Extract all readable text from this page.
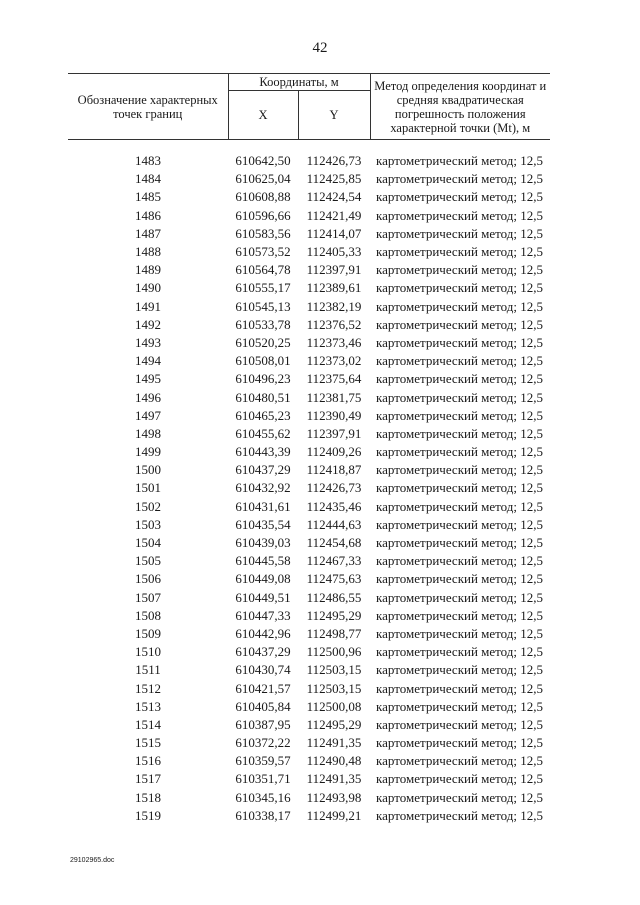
42
Обозначение характерных точек границ	Координаты, м		Метод определения координат и средняя квадратическая погрешность положения характерной точки (Mt), м
	X	Y	

1483	610642,50	112426,73	картометрический метод; 12,5
1484	610625,04	112425,85	картометрический метод; 12,5
1485	610608,88	112424,54	картометрический метод; 12,5
1486	610596,66	112421,49	картометрический метод; 12,5
1487	610583,56	112414,07	картометрический метод; 12,5
1488	610573,52	112405,33	картометрический метод; 12,5
1489	610564,78	112397,91	картометрический метод; 12,5
1490	610555,17	112389,61	картометрический метод; 12,5
1491	610545,13	112382,19	картометрический метод; 12,5
1492	610533,78	112376,52	картометрический метод; 12,5
1493	610520,25	112373,46	картометрический метод; 12,5
1494	610508,01	112373,02	картометрический метод; 12,5
1495	610496,23	112375,64	картометрический метод; 12,5
1496	610480,51	112381,75	картометрический метод; 12,5
1497	610465,23	112390,49	картометрический метод; 12,5
1498	610455,62	112397,91	картометрический метод; 12,5
1499	610443,39	112409,26	картометрический метод; 12,5
1500	610437,29	112418,87	картометрический метод; 12,5
1501	610432,92	112426,73	картометрический метод; 12,5
1502	610431,61	112435,46	картометрический метод; 12,5
1503	610435,54	112444,63	картометрический метод; 12,5
1504	610439,03	112454,68	картометрический метод; 12,5
1505	610445,58	112467,33	картометрический метод; 12,5
1506	610449,08	112475,63	картометрический метод; 12,5
1507	610449,51	112486,55	картометрический метод; 12,5
1508	610447,33	112495,29	картометрический метод; 12,5
1509	610442,96	112498,77	картометрический метод; 12,5
1510	610437,29	112500,96	картометрический метод; 12,5
1511	610430,74	112503,15	картометрический метод; 12,5
1512	610421,57	112503,15	картометрический метод; 12,5
1513	610405,84	112500,08	картометрический метод; 12,5
1514	610387,95	112495,29	картометрический метод; 12,5
1515	610372,22	112491,35	картометрический метод; 12,5
1516	610359,57	112490,48	картометрический метод; 12,5
1517	610351,71	112491,35	картометрический метод; 12,5
1518	610345,16	112493,98	картометрический метод; 12,5
1519	610338,17	112499,21	картометрический метод; 12,5
29102965.doc
